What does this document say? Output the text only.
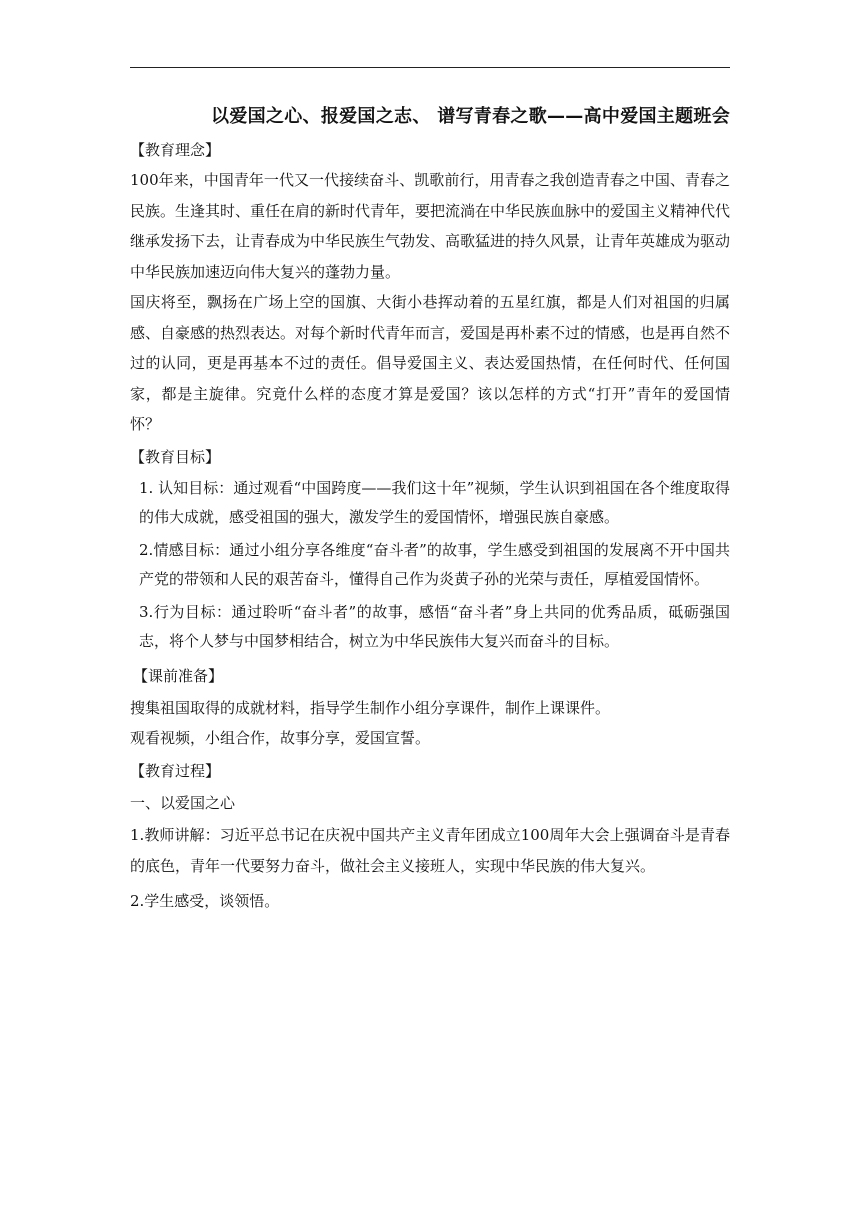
以爱国之心、报爱国之志、 谱写青春之歌——高中爱国主题班会
【教育理念】

100年来，中国青年一代又一代接续奋斗、凯歌前行，用青春之我创造青春之中国、青春之民族。生逢其时、重任在肩的新时代青年，要把流淌在中华民族血脉中的爱国主义精神代代继承发扬下去，让青春成为中华民族生气勃发、高歌猛进的持久风景，让青年英雄成为驱动中华民族加速迈向伟大复兴的蓬勃力量。

国庆将至，飘扬在广场上空的国旗、大街小巷挥动着的五星红旗，都是人们对祖国的归属感、自豪感的热烈表达。对每个新时代青年而言，爱国是再朴素不过的情感，也是再自然不过的认同，更是再基本不过的责任。倡导爱国主义、表达爱国热情，在任何时代、任何国家，都是主旋律。究竟什么样的态度才算是爱国？该以怎样的方式“打开”青年的爱国情怀？

【教育目标】

1. 认知目标：通过观看“中国跨度——我们这十年”视频，学生认识到祖国在各个维度取得的伟大成就，感受祖国的强大，激发学生的爱国情怀，增强民族自豪感。

2.情感目标：通过小组分享各维度“奋斗者”的故事，学生感受到祖国的发展离不开中国共产党的带领和人民的艰苦奋斗，懂得自己作为炎黄子孙的光荣与责任，厚植爱国情怀。

3.行为目标：通过聆听“奋斗者”的故事，感悟“奋斗者”身上共同的优秀品质，砥砺强国志，将个人梦与中国梦相结合，树立为中华民族伟大复兴而奋斗的目标。

【课前准备】
搜集祖国取得的成就材料，指导学生制作小组分享课件，制作上课课件。
观看视频，小组合作，故事分享，爱国宣誓。
【教育过程】
一、以爱国之心

1.教师讲解：习近平总书记在庆祝中国共产主义青年团成立100周年大会上强调奋斗是青春的底色，青年一代要努力奋斗，做社会主义接班人，实现中华民族的伟大复兴。

2.学生感受，谈领悟。
